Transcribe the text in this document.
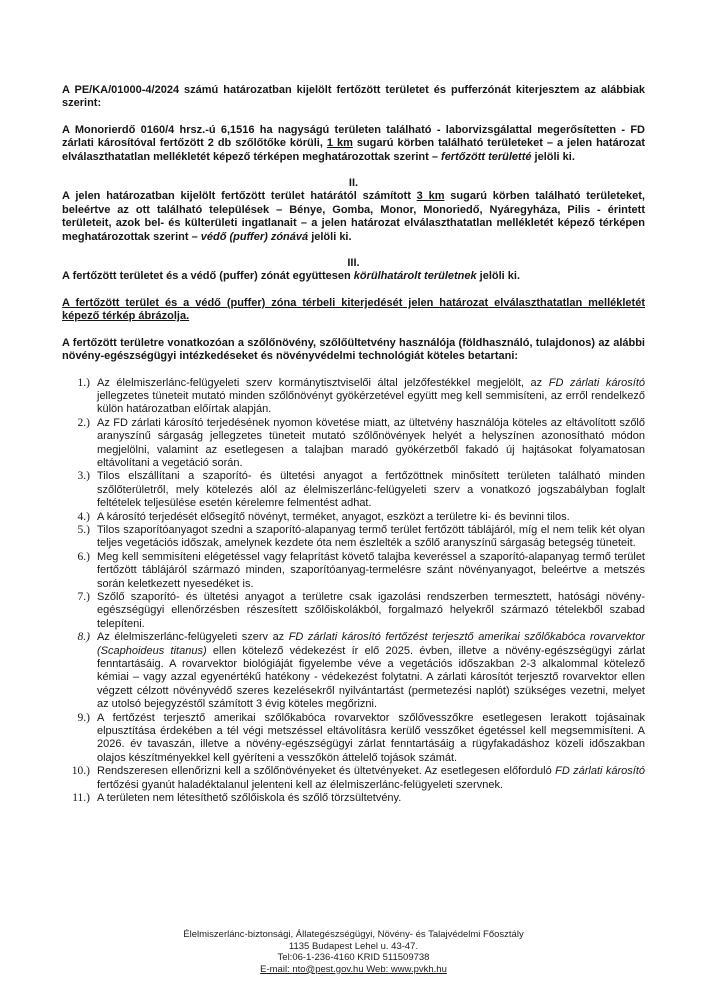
A PE/KA/01000-4/2024 számú határozatban kijelölt fertőzött területet és pufferzónát kiterjesztem az alábbiak szerint:

A Monorierdő 0160/4 hrsz.-ú 6,1516 ha nagyságú területen található - laborvizsgálattal megerősítetten - FD zárlati károsítóval fertőzött 2 db szőlőtőke körüli, 1 km sugarú körben található területeket – a jelen határozat elválaszthatatlan mellékletét képező térképen meghatározottak szerint – fertőzött területté jelöli ki.

II.

A jelen határozatban kijelölt fertőzött terület határától számított 3 km sugarú körben található területeket, beleértve az ott található települések – Bénye, Gomba, Monor, Monoriedő, Nyáregyháza, Pilis - érintett területeit, azok bel- és külterületi ingatlanait – a jelen határozat elválaszthatatlan mellékletét képező térképen meghatározottak szerint – védő (puffer) zónává jelöli ki.

III.

A fertőzött területet és a védő (puffer) zónát együttesen körülhatárolt területnek jelöli ki.

A fertőzött terület és a védő (puffer) zóna térbeli kiterjedését jelen határozat elválaszthatatlan mellékletét képező térkép ábrázolja.

A fertőzött területre vonatkozóan a szőlőnövény, szőlőültetvény használója (földhasználó, tulajdonos) az alábbi növény-egészségügyi intézkedéseket és növényvédelmi technológiát köteles betartani:

1.) Az élelmiszerlánc-felügyeleti szerv kormánytisztviselői által jelzőfestékkel megjelölt, az FD zárlati károsító jellegzetes tüneteit mutató minden szőlőnövényt gyökérzetével együtt meg kell semmisíteni, az erről rendelkező külön határozatban előírtak alapján.
2.) Az FD zárlati károsító terjedésének nyomon követése miatt, az ültetvény használója köteles az eltávolított szőlő aranyszínű sárgaság jellegzetes tüneteit mutató szőlőnövények helyét a helyszínen azonosítható módon megjelölni, valamint az esetlegesen a talajban maradó gyökérzetből fakadó új hajtásokat folyamatosan eltávolítani a vegetáció során.
3.) Tilos elszállítani a szaporító- és ültetési anyagot a fertőzöttnek minősített területen található minden szőlőterületről, mely kötelezés alól az élelmiszerlánc-felügyeleti szerv a vonatkozó jogszabályban foglalt feltételek teljesülése esetén kérelemre felmentést adhat.
4.) A károsító terjedését elősegítő növényt, terméket, anyagot, eszközt a területre ki- és bevinni tilos.
5.) Tilos szaporítóanyagot szedni a szaporító-alapanyag termő terület fertőzött táblájáról, míg el nem telik két olyan teljes vegetációs időszak, amelynek kezdete óta nem észlelték a szőlő aranyszínű sárgaság betegség tüneteit.
6.) Meg kell semmisíteni elégetéssel vagy felaprítást követő talajba keveréssel a szaporító-alapanyag termő terület fertőzött táblájáról származó minden, szaporítóanyag-termelésre szánt növényanyagot, beleértve a metszés során keletkezett nyesedéket is.
7.) Szőlő szaporító- és ültetési anyagot a területre csak igazolási rendszerben termesztett, hatósági növény-egészségügyi ellenőrzésben részesített szőlőiskolákból, forgalmazó helyekről származó tételekből szabad telepíteni.
8.) Az élelmiszerlánc-felügyeleti szerv az FD zárlati károsító fertőzést terjesztő amerikai szőlőkabóca rovarvektor (Scaphoideus titanus) ellen kötelező védekezést ír elő 2025. évben, illetve a növény-egészségügyi zárlat fenntartásáig. A rovarvektor biológiáját figyelembe véve a vegetációs időszakban 2-3 alkalommal kötelező kémiai – vagy azzal egyenértékű hatékony - védekezést folytatni. A zárlati károsítót terjesztő rovarvektor ellen végzett célzott növényvédő szeres kezelésekről nyilvántartást (permetezési naplót) szükséges vezetni, melyet az utolsó bejegyzéstől számított 3 évig köteles megőrizni.
9.) A fertőzést terjesztő amerikai szőlőkabóca rovarvektor szőlővesszőkre esetlegesen lerakott tojásainak elpusztítása érdekében a tél végi metszéssel eltávolításra kerülő vesszőket égetéssel kell megsemmisíteni. A 2026. év tavaszán, illetve a növény-egészségügyi zárlat fenntartásáig a rügyfakadáshoz közeli időszakban olajos készítményekkel kell gyéríteni a vesszőkön áttelelő tojások számát.
10.) Rendszeresen ellenőrizni kell a szőlőnövényeket és ültetvényeket. Az esetlegesen előforduló FD zárlati károsító fertőzési gyanút haladéktalanul jelenteni kell az élelmiszerlánc-felügyeleti szervnek.
11.) A területen nem létesíthető szőlőiskola és szőlő törzsültetvény.
Élelmiszerlánc-biztonsági, Állategészségügyi, Növény- és Talajvédelmi Főosztály
1135 Budapest Lehel u. 43-47.
Tel:06-1-236-4160 KRID 511509738
E-mail: nto@pest.gov.hu Web: www.pvkh.hu
